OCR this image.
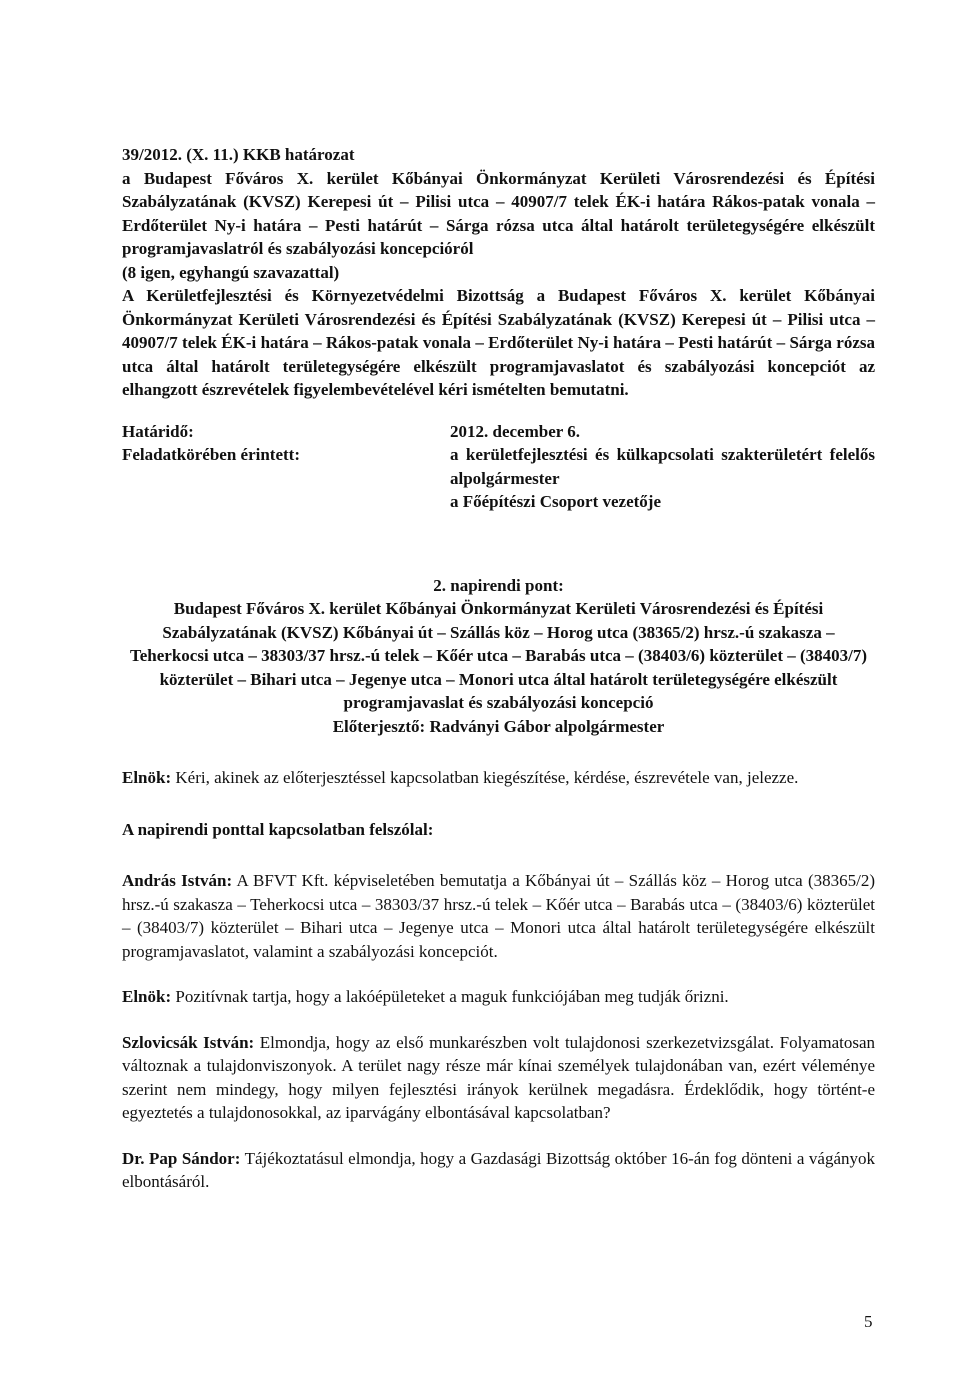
39/2012. (X. 11.) KKB határozat

a Budapest Főváros X. kerület Kőbányai Önkormányzat Kerületi Városrendezési és Építési Szabályzatának (KVSZ) Kerepesi út – Pilisi utca – 40907/7 telek ÉK-i határa Rákos-patak vonala – Erdőterület Ny-i határa – Pesti határút – Sárga rózsa utca által határolt területegységére elkészült programjavaslatról és szabályozási koncepcióról

(8 igen, egyhangú szavazattal)

A Kerületfejlesztési és Környezetvédelmi Bizottság a Budapest Főváros X. kerület Kőbányai Önkormányzat Kerületi Városrendezési és Építési Szabályzatának (KVSZ) Kerepesi út – Pilisi utca – 40907/7 telek ÉK-i határa – Rákos-patak vonala – Erdőterület Ny-i határa – Pesti határút – Sárga rózsa utca által határolt területegységére elkészült programjavaslatot és szabályozási koncepciót az elhangzott észrevételek figyelembevételével kéri ismételten bemutatni.

Határidő:	2012. december 6.
Feladatkörében érintett:	a kerületfejlesztési és külkapcsolati szakterületért felelős alpolgármester
a Főépítészi Csoport vezetője

2. napirendi pont:

Budapest Főváros X. kerület Kőbányai Önkormányzat Kerületi Városrendezési és Építési Szabályzatának (KVSZ) Kőbányai út – Szállás köz – Horog utca (38365/2) hrsz.-ú szakasza – Teherkocsi utca – 38303/37 hrsz.-ú telek – Kőér utca – Barabás utca – (38403/6) közterület – (38403/7) közterület – Bihari utca – Jegenye utca – Monori utca által határolt területegységére elkészült programjavaslat és szabályozási koncepció

Előterjesztő: Radványi Gábor alpolgármester

Elnök: Kéri, akinek az előterjesztéssel kapcsolatban kiegészítése, kérdése, észrevétele van, jelezze.

A napirendi ponttal kapcsolatban felszólal:

András István: A BFVT Kft. képviseletében bemutatja a Kőbányai út – Szállás köz – Horog utca (38365/2) hrsz.-ú szakasza – Teherkocsi utca – 38303/37 hrsz.-ú telek – Kőér utca – Barabás utca – (38403/6) közterület – (38403/7) közterület – Bihari utca – Jegenye utca – Monori utca által határolt területegységére elkészült programjavaslatot, valamint a szabályozási koncepciót.

Elnök: Pozitívnak tartja, hogy a lakóépületeket a maguk funkciójában meg tudják őrizni.

Szlovicsák István: Elmondja, hogy az első munkarészben volt tulajdonosi szerkezetvizsgálat. Folyamatosan változnak a tulajdonviszonyok. A terület nagy része már kínai személyek tulajdonában van, ezért véleménye szerint nem mindegy, hogy milyen fejlesztési irányok kerülnek megadásra. Érdeklődik, hogy történt-e egyeztetés a tulajdonosokkal, az iparvágány elbontásával kapcsolatban?

Dr. Pap Sándor: Tájékoztatásul elmondja, hogy a Gazdasági Bizottság október 16-án fog dönteni a vágányok elbontásáról.

5
